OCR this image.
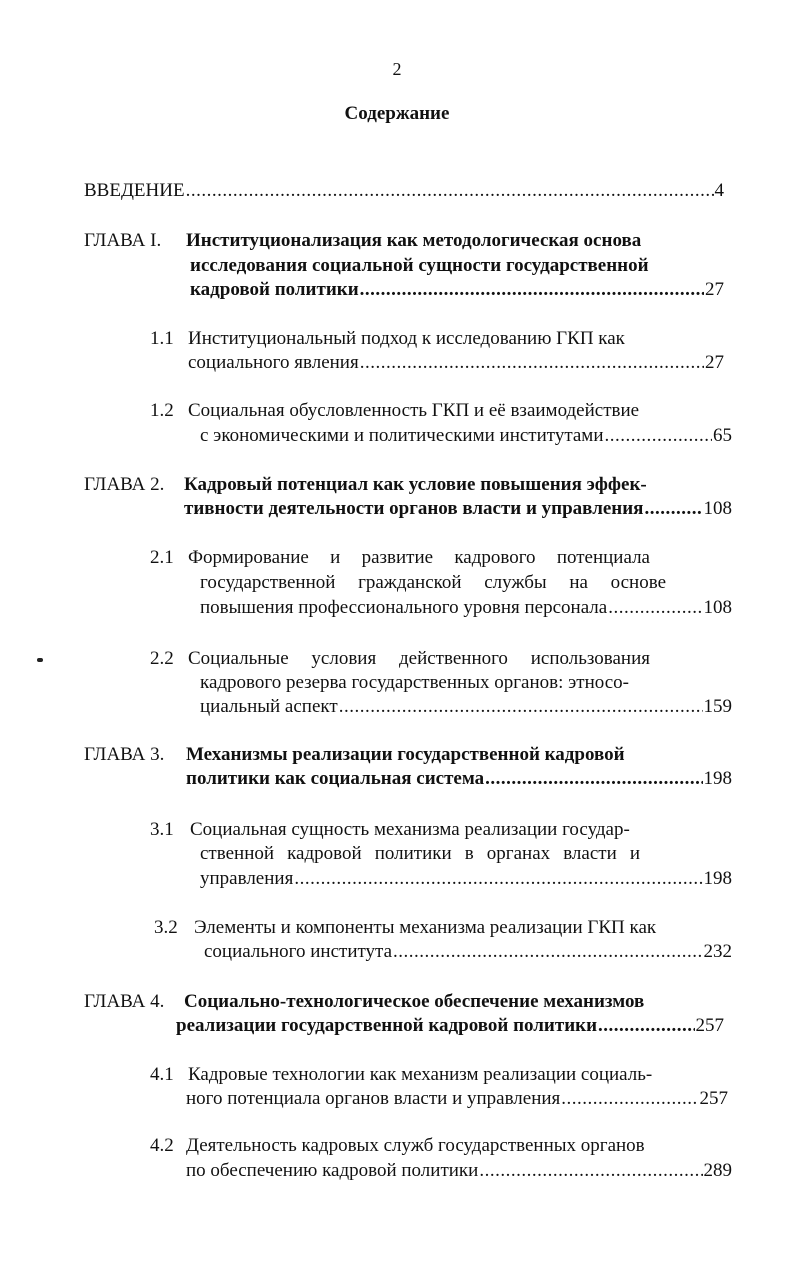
2
Содержание
ВВЕДЕНИЕ .....	4
ГЛАВА I. Институционализация как методологическая основа
исследования социальной сущности государственной
кадровой политики .....	27
1.1 Институциональный подход к исследованию ГКП как
социального явления .....	27
1.2 Социальная обусловленность ГКП и её взаимодействие
с экономическими и политическими институтами .....	65
ГЛАВА 2. Кадровый потенциал как условие повышения эффек-
тивности деятельности органов власти и управления .....	108
2.1 Формирование и развитие кадрового потенциала
государственной гражданской службы на основе
повышения профессионального уровня персонала .....	108
2.2 Социальные условия действенного использования
кадрового резерва государственных органов: этносо-
циальный аспект .....	159
ГЛАВА 3. Механизмы реализации государственной кадровой
политики как социальная система .....	198
3.1 Социальная сущность механизма реализации государ-
ственной кадровой политики в органах власти и
управления .....	198
3.2 Элементы и компоненты механизма реализации ГКП как
социального института .....	232
ГЛАВА 4. Социально-технологическое обеспечение механизмов
реализации государственной кадровой политики .....	257
4.1 Кадровые технологии как механизм реализации социаль-
ного потенциала органов власти и управления .....	257
4.2 Деятельность кадровых служб государственных органов
по обеспечению кадровой политики .....	289
